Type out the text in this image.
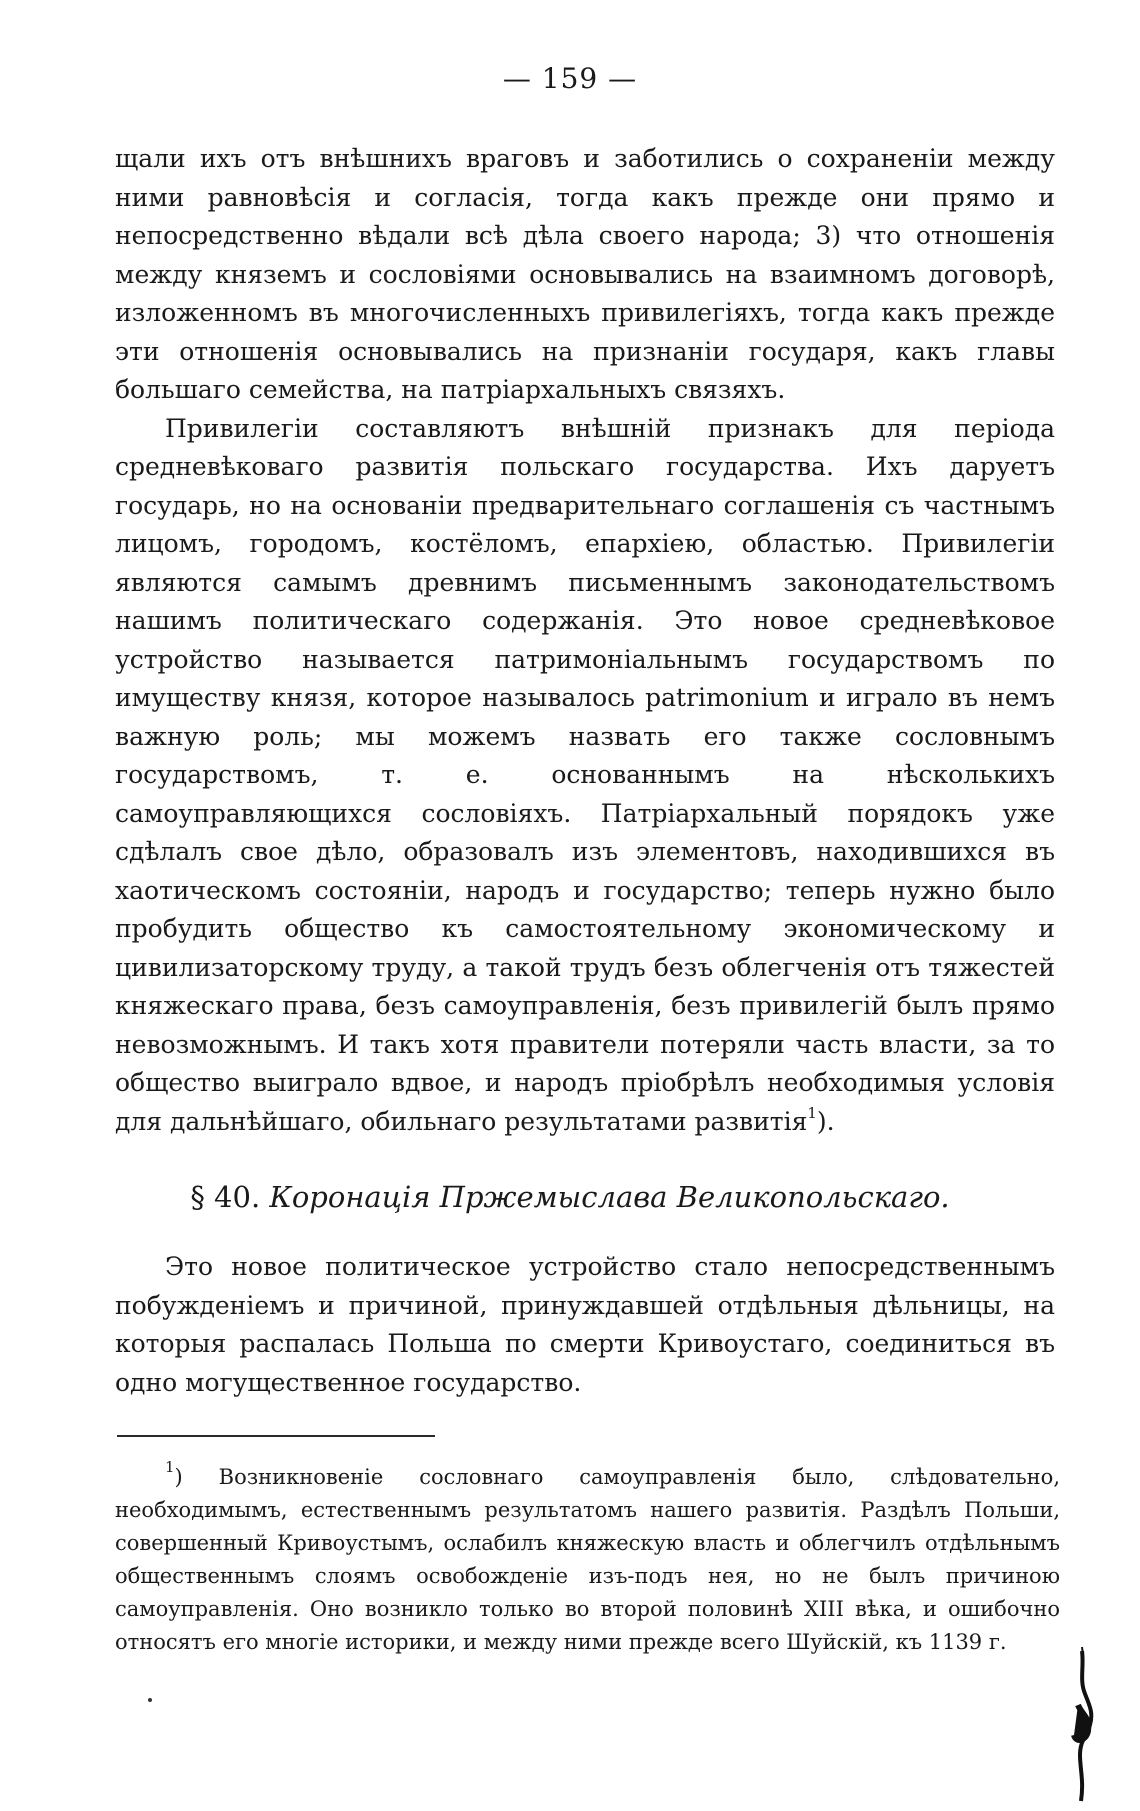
— 159 —

щали ихъ отъ внѣшнихъ враговъ и заботились о сохраненіи между ними равновѣсія и согласія, тогда какъ прежде они прямо и непосредственно вѣдали всѣ дѣла своего народа; 3) что отношенія между княземъ и сословіями основывались на взаимномъ договорѣ, изложенномъ въ многочисленныхъ привилегіяхъ, тогда какъ прежде эти отношенія основывались на признаніи государя, какъ главы большаго семейства, на патріархальныхъ связяхъ.

Привилегіи составляютъ внѣшній признакъ для періода средневѣковаго развитія польскаго государства. Ихъ даруетъ государь, но на основаніи предварительнаго соглашенія съ частнымъ лицомъ, городомъ, костёломъ, епархіею, областью. Привилегіи являются самымъ древнимъ письменнымъ законодательствомъ нашимъ политическаго содержанія. Это новое средневѣковое устройство называется патримоніальнымъ государствомъ по имуществу князя, которое называлось patrimonium и играло въ немъ важную роль; мы можемъ назвать его также сословнымъ государствомъ, т. е. основаннымъ на нѣсколькихъ самоуправляющихся сословіяхъ. Патріархальный порядокъ уже сдѣлалъ свое дѣло, образовалъ изъ элементовъ, находившихся въ хаотическомъ состояніи, народъ и государство; теперь нужно было пробудить общество къ самостоятельному экономическому и цивилизаторскому труду, а такой трудъ безъ облегченія отъ тяжестей княжескаго права, безъ самоуправленія, безъ привилегій былъ прямо невозможнымъ. И такъ хотя правители потеряли часть власти, за то общество выиграло вдвое, и народъ пріобрѣлъ необходимыя условія для дальнѣйшаго, обильнаго результатами развитія$^1$).

§ 40. Коронація Пржемыслава Великопольскаго.

Это новое политическое устройство стало непосредственнымъ побужденіемъ и причиной, принуждавшей отдѣльныя дѣльницы, на которыя распалась Польша по смерти Кривоустаго, соединиться въ одно могущественное государство.

$^1$) Возникновеніе сословнаго самоуправленія было, слѣдовательно, необходимымъ, естественнымъ результатомъ нашего развитія. Раздѣлъ Польши, совершенный Кривоустымъ, ослабилъ княжескую власть и облегчилъ отдѣльнымъ общественнымъ слоямъ освобожденіе изъ-подъ нея, но не былъ причиною самоуправленія. Оно возникло только во второй половинѣ XIII вѣка, и ошибочно относятъ его многіе историки, и между ними прежде всего Шуйскій, къ 1139 г.
